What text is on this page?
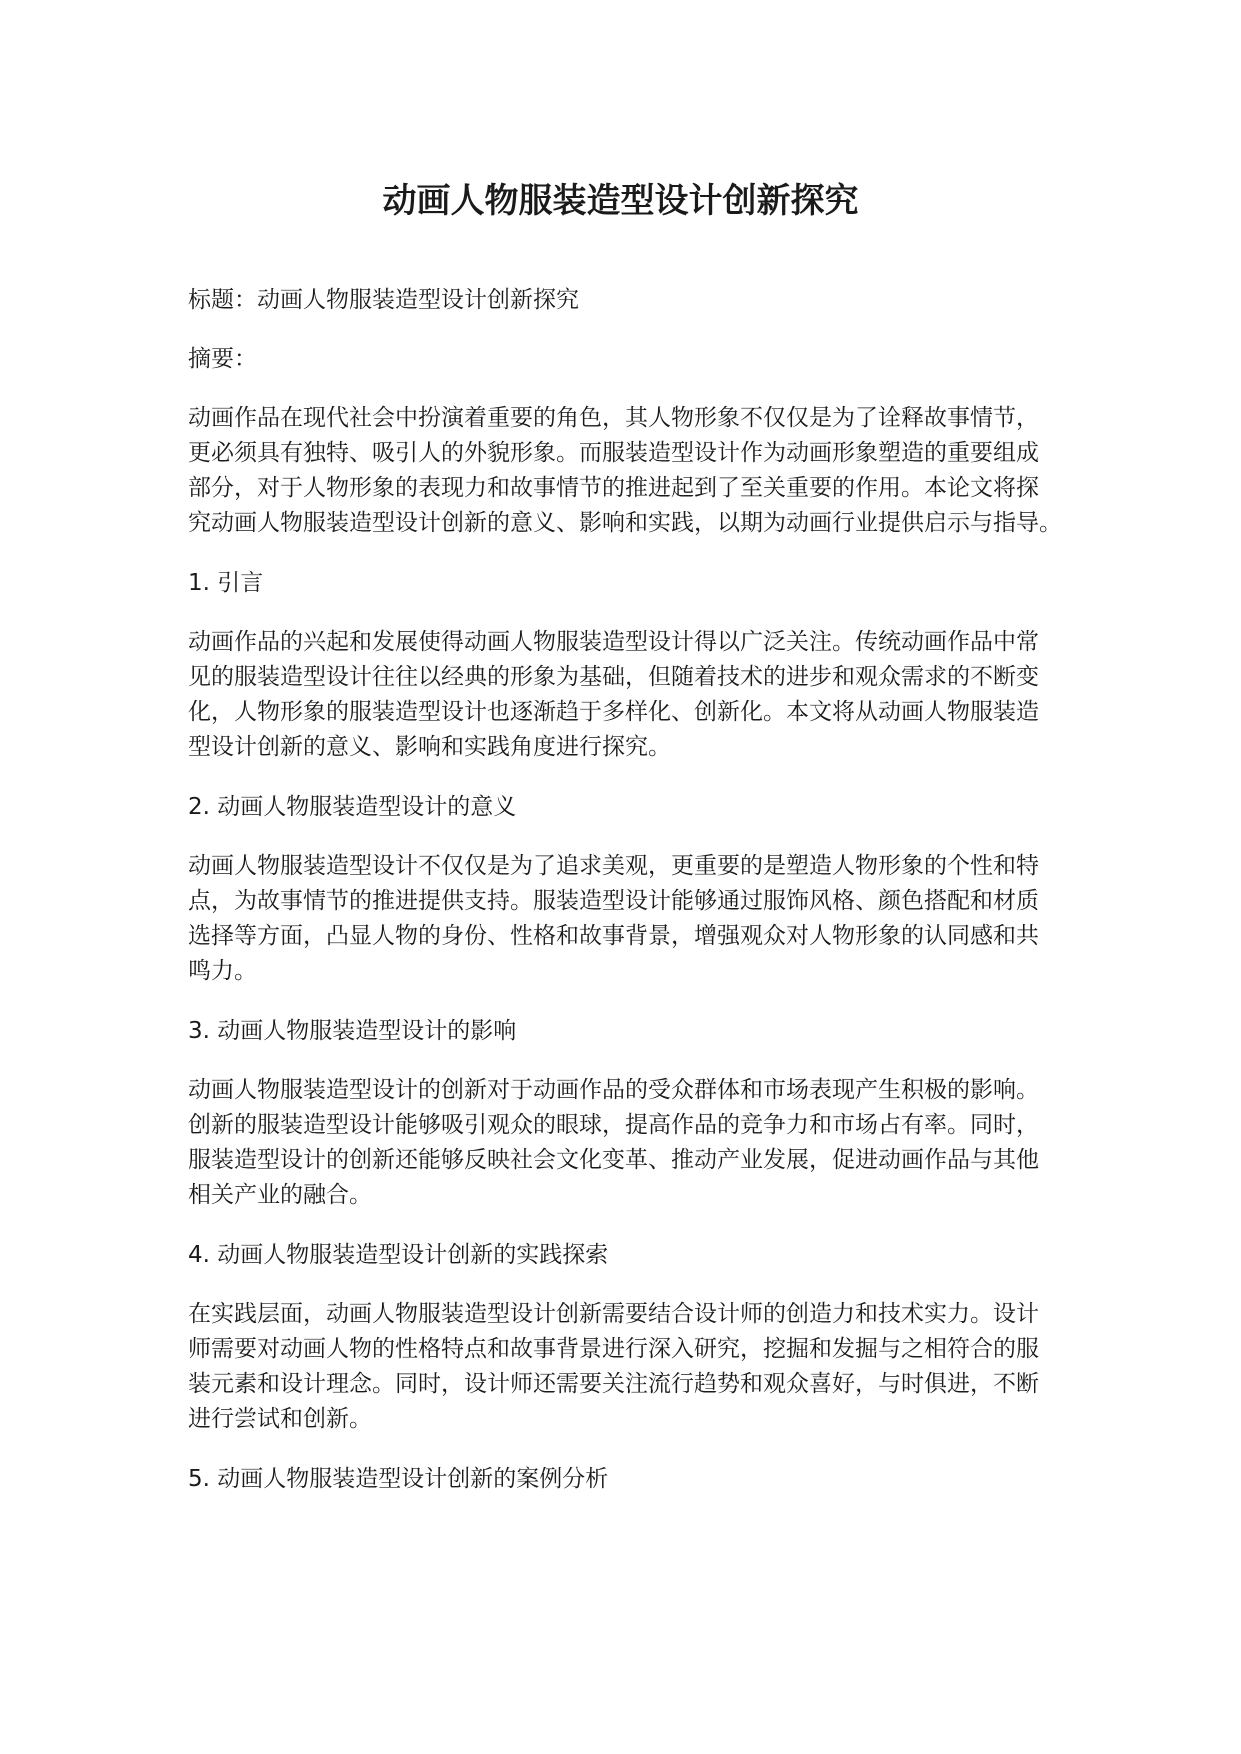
动画人物服装造型设计创新探究

标题：动画人物服装造型设计创新探究

摘要：

动画作品在现代社会中扮演着重要的角色，其人物形象不仅仅是为了诠释故事情节，

更必须具有独特、吸引人的外貌形象。而服装造型设计作为动画形象塑造的重要组成

部分，对于人物形象的表现力和故事情节的推进起到了至关重要的作用。本论文将探

究动画人物服装造型设计创新的意义、影响和实践，以期为动画行业提供启示与指导。

1. 引言

动画作品的兴起和发展使得动画人物服装造型设计得以广泛关注。传统动画作品中常

见的服装造型设计往往以经典的形象为基础，但随着技术的进步和观众需求的不断变

化，人物形象的服装造型设计也逐渐趋于多样化、创新化。本文将从动画人物服装造

型设计创新的意义、影响和实践角度进行探究。

2. 动画人物服装造型设计的意义

动画人物服装造型设计不仅仅是为了追求美观，更重要的是塑造人物形象的个性和特

点，为故事情节的推进提供支持。服装造型设计能够通过服饰风格、颜色搭配和材质

选择等方面，凸显人物的身份、性格和故事背景，增强观众对人物形象的认同感和共

鸣力。

3. 动画人物服装造型设计的影响

动画人物服装造型设计的创新对于动画作品的受众群体和市场表现产生积极的影响。

创新的服装造型设计能够吸引观众的眼球，提高作品的竞争力和市场占有率。同时，

服装造型设计的创新还能够反映社会文化变革、推动产业发展，促进动画作品与其他

相关产业的融合。

4. 动画人物服装造型设计创新的实践探索

在实践层面，动画人物服装造型设计创新需要结合设计师的创造力和技术实力。设计

师需要对动画人物的性格特点和故事背景进行深入研究，挖掘和发掘与之相符合的服

装元素和设计理念。同时，设计师还需要关注流行趋势和观众喜好，与时俱进，不断

进行尝试和创新。

5. 动画人物服装造型设计创新的案例分析
